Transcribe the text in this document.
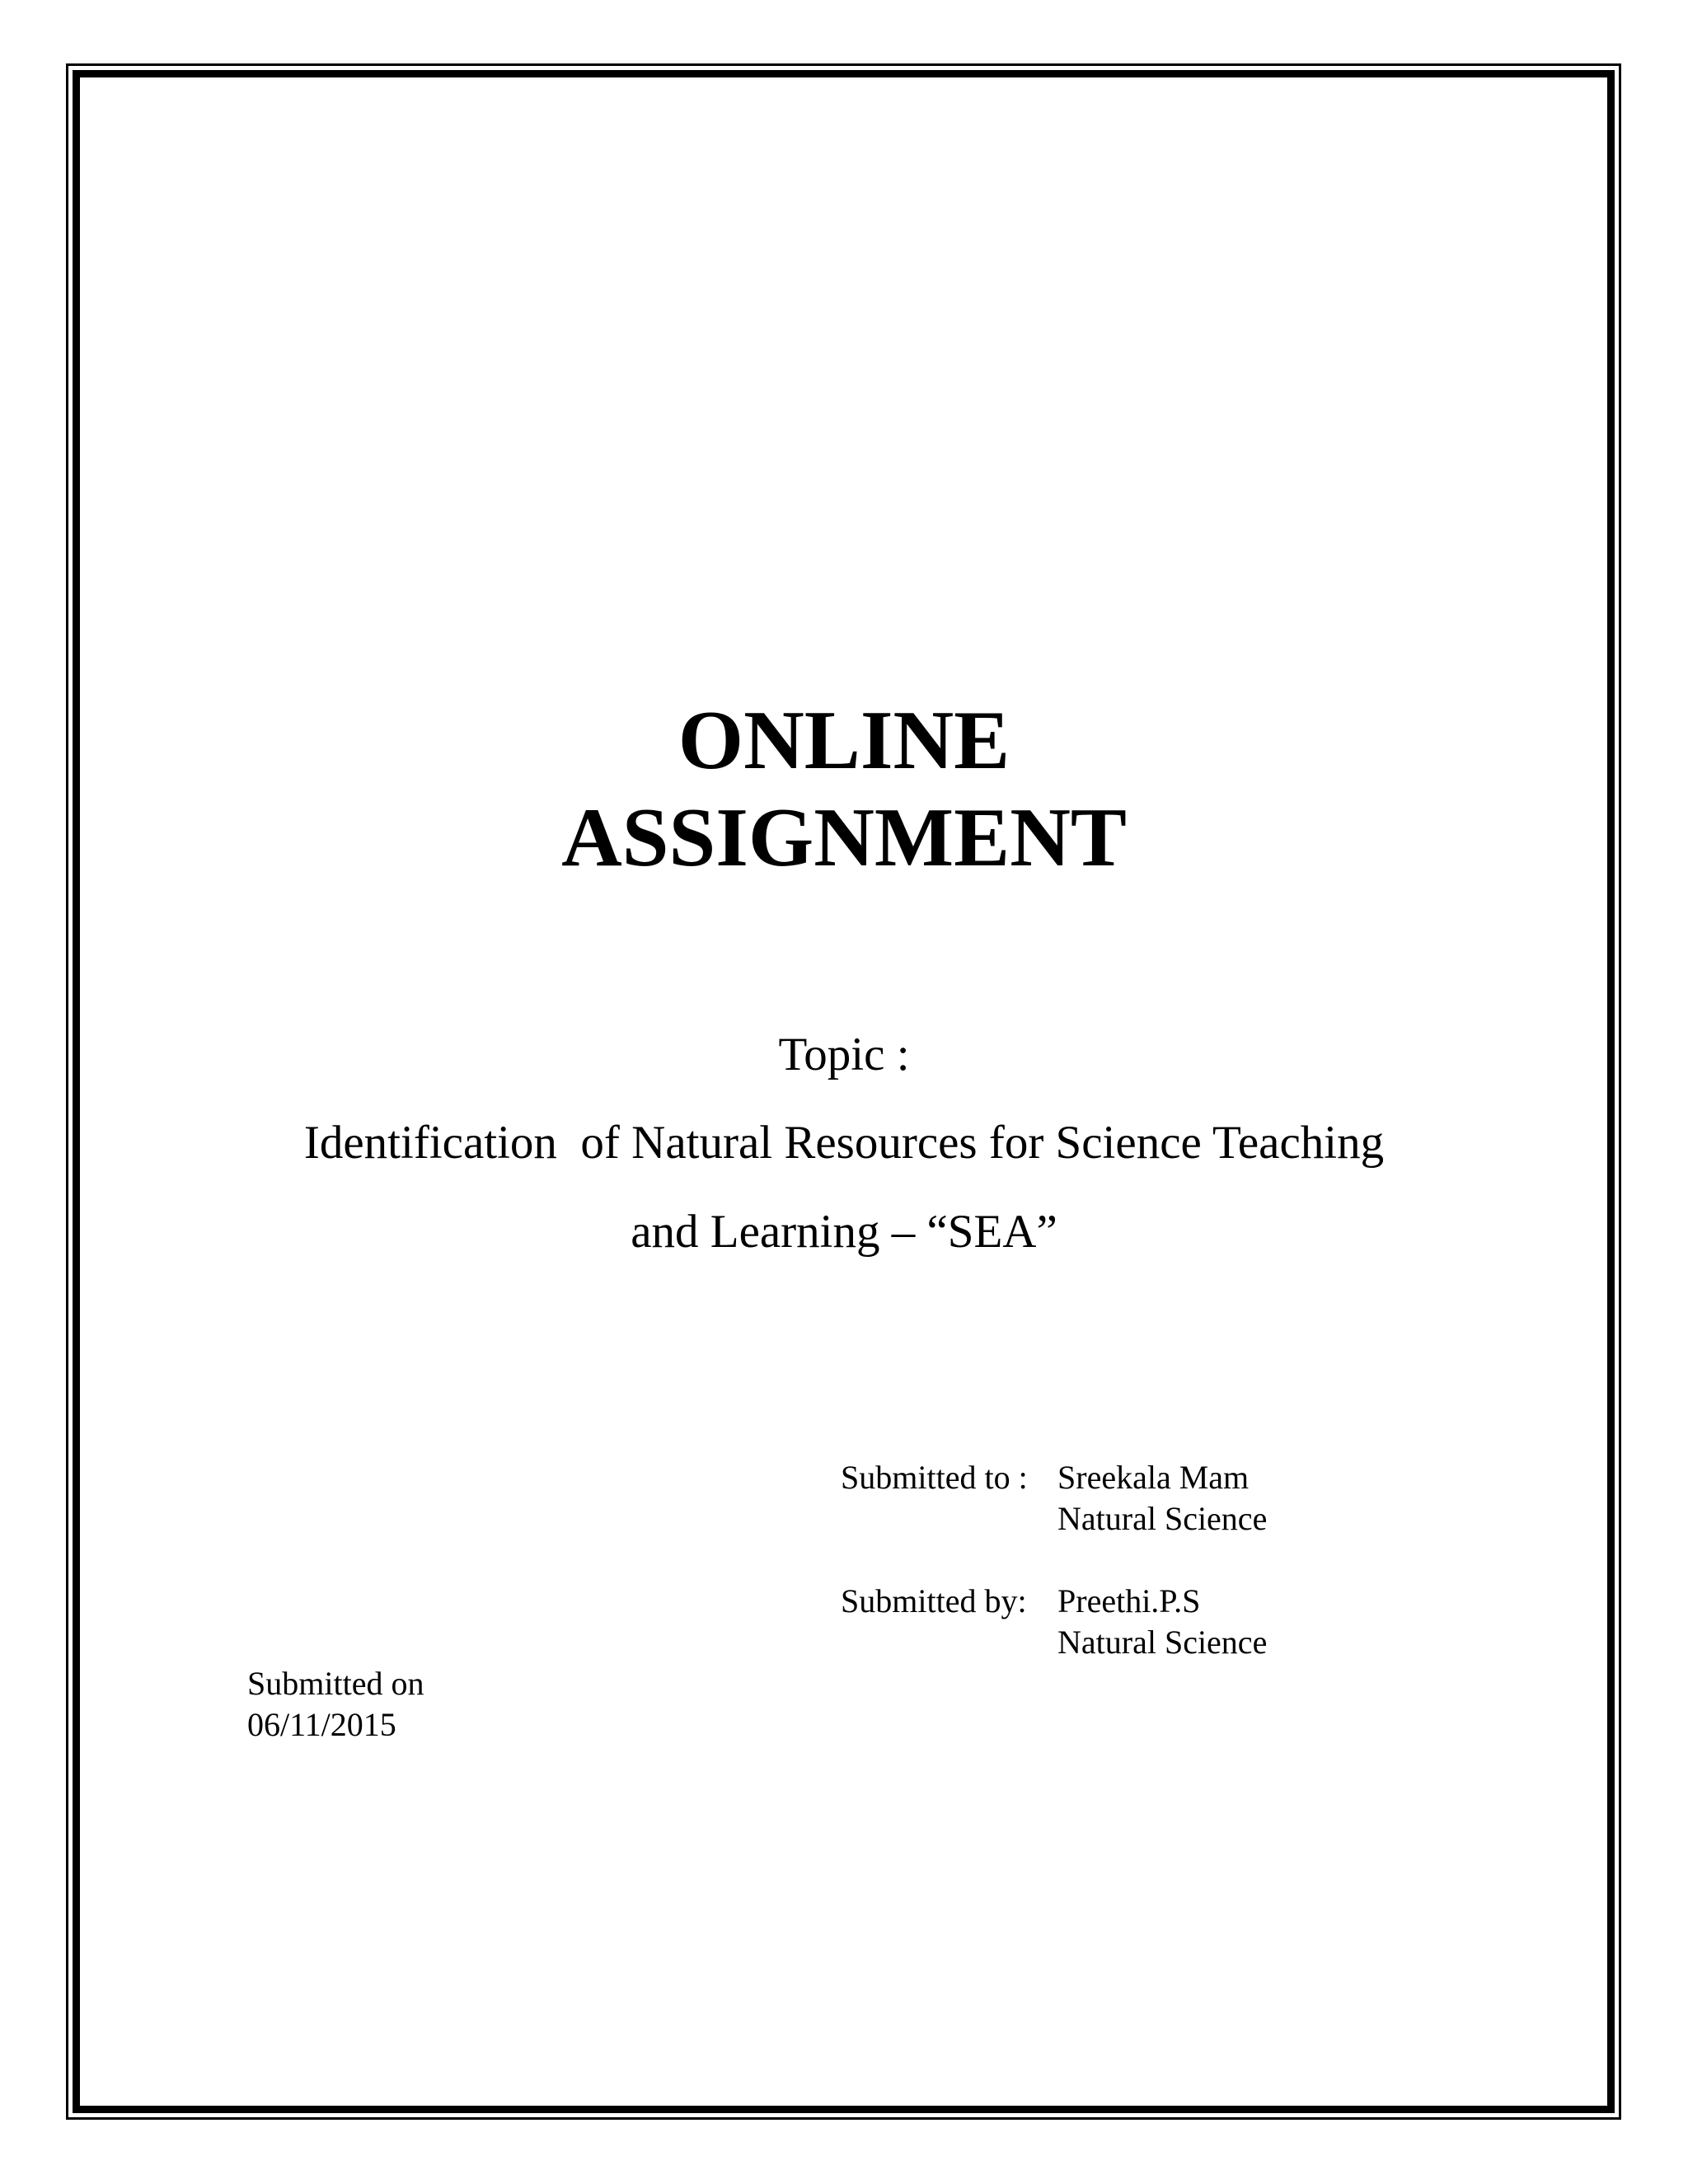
ONLINE
ASSIGNMENT
Topic :
Identification  of Natural Resources for Science Teaching
and Learning – “SEA”
Submitted to : Sreekala Mam
Natural Science
Submitted by: Preethi.P.S
Natural Science
Submitted on
06/11/2015
